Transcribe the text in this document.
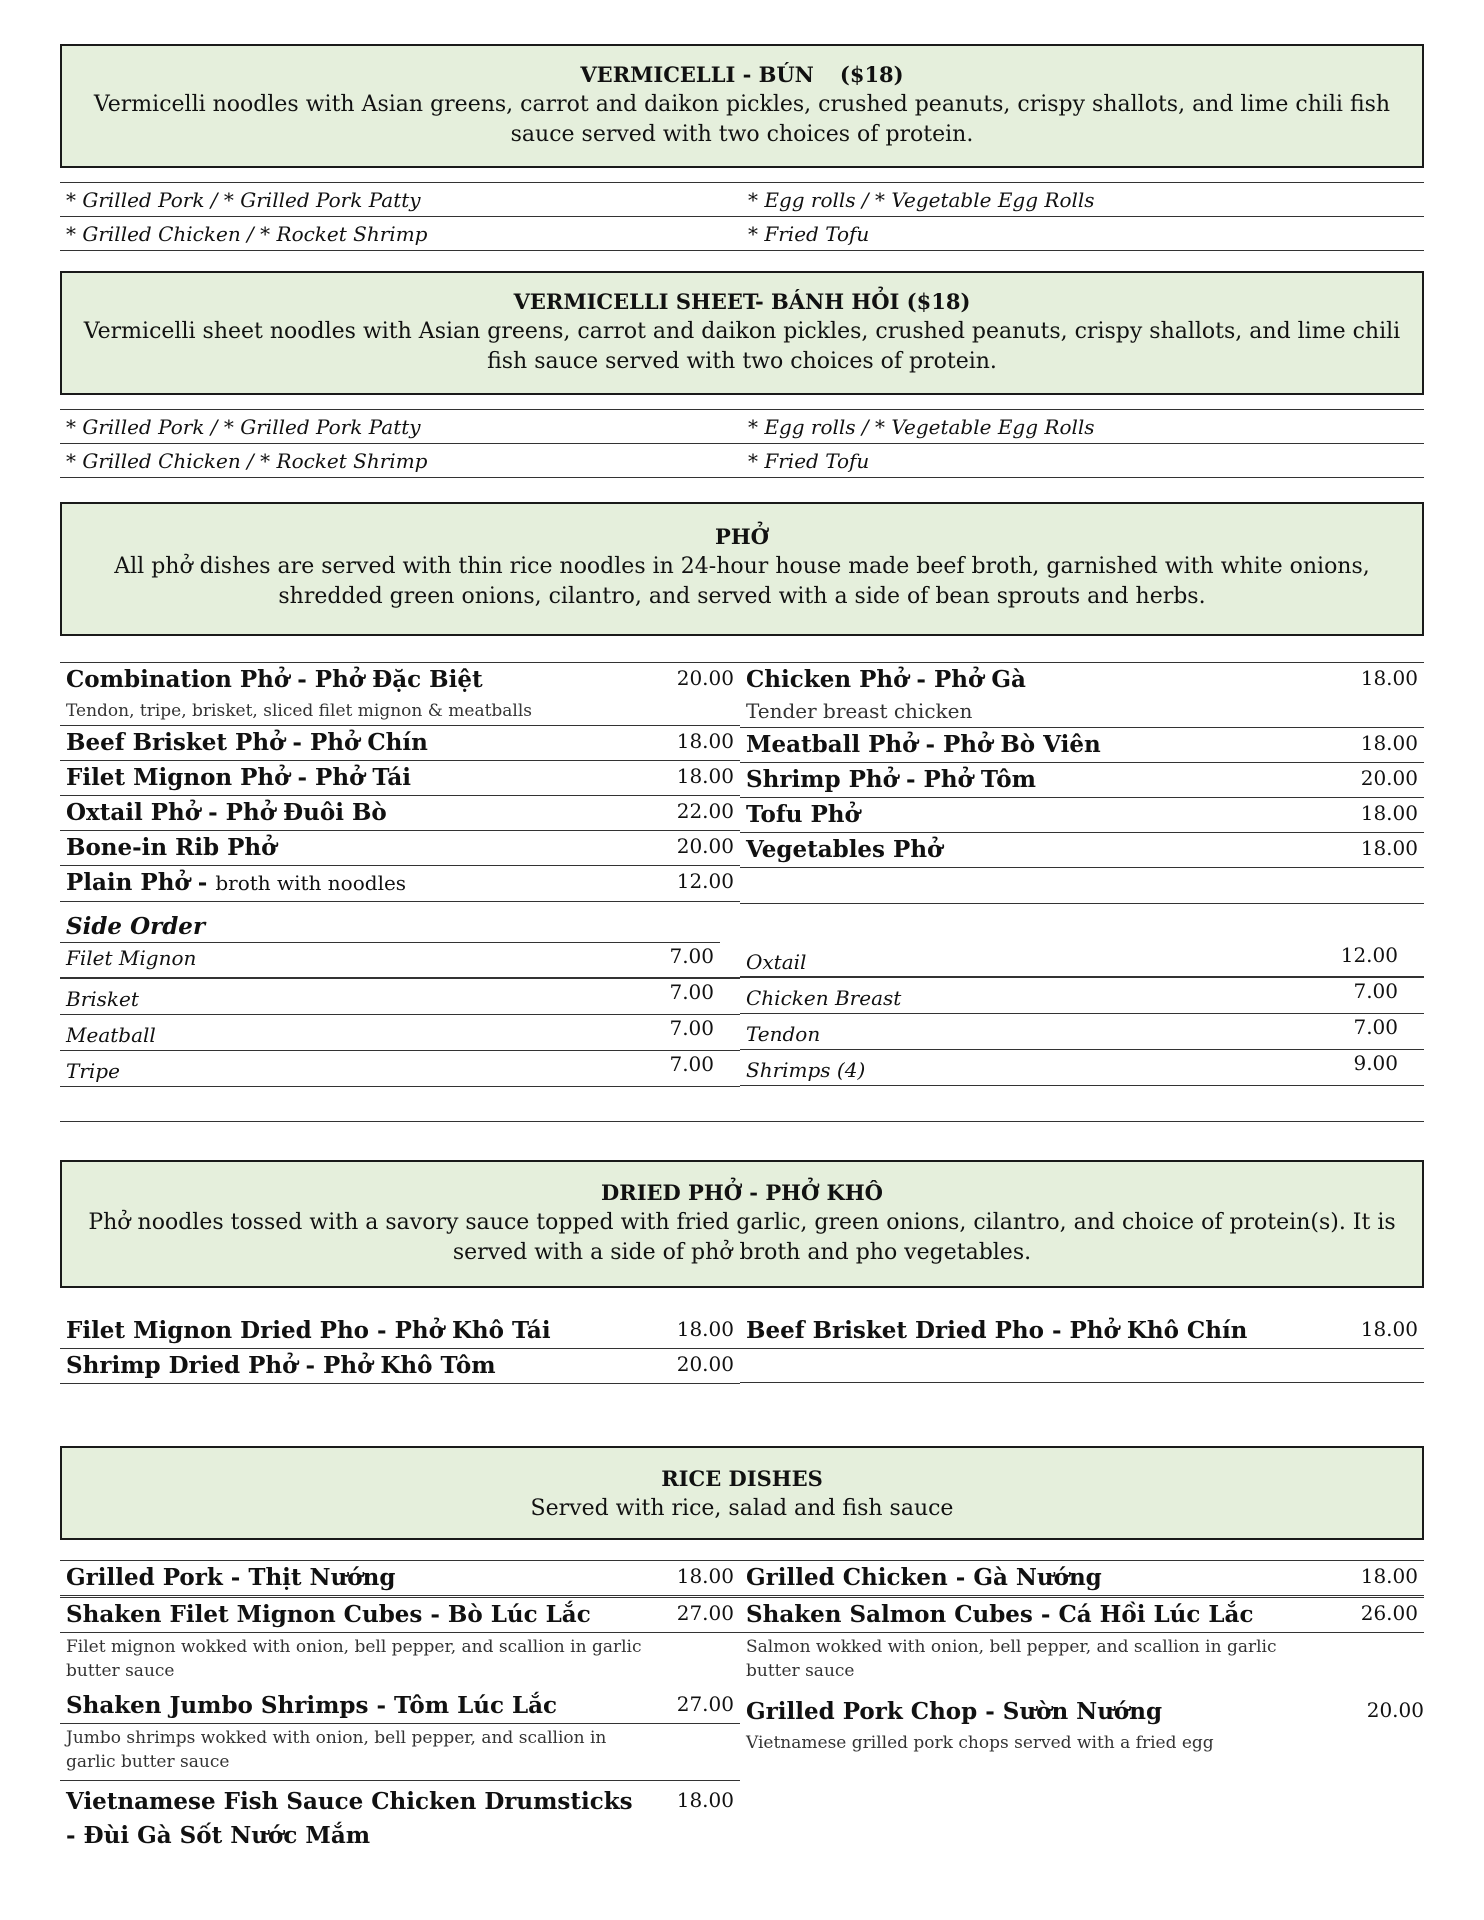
VERMICELLI - BÚN ($18)
Vermicelli noodles with Asian greens, carrot and daikon pickles, crushed peanuts, crispy shallots, and lime chili fish sauce served with two choices of protein.
* Grilled Pork / * Grilled Pork Patty
* Grilled Chicken / * Rocket Shrimp
* Egg rolls / * Vegetable Egg Rolls
* Fried Tofu
VERMICELLI SHEET- BÁNH HỎI ($18)
Vermicelli sheet noodles with Asian greens, carrot and daikon pickles, crushed peanuts, crispy shallots, and lime chili fish sauce served with two choices of protein.
* Grilled Pork / * Grilled Pork Patty
* Grilled Chicken / * Rocket Shrimp
* Egg rolls / * Vegetable Egg Rolls
* Fried Tofu
PHỞ
All phở dishes are served with thin rice noodles in 24-hour house made beef broth, garnished with white onions, shredded green onions, cilantro, and served with a side of bean sprouts and herbs.
Combination Phở - Phở Đặc Biệt	20.00
Tendon, tripe, brisket, sliced filet mignon & meatballs
Beef Brisket Phở - Phở Chín	18.00
Filet Mignon Phở - Phở Tái	18.00
Oxtail Phở - Phở Đuôi Bò	22.00
Bone-in Rib Phở	20.00
Plain Phở - broth with noodles	12.00
Chicken Phở - Phở Gà	18.00
Tender breast chicken
Meatball Phở - Phở Bò Viên	18.00
Shrimp Phở - Phở Tôm	20.00
Tofu Phở	18.00
Vegetables Phở	18.00
Side Order
Filet Mignon	7.00
Brisket	7.00
Meatball	7.00
Tripe	7.00
Oxtail	12.00
Chicken Breast	7.00
Tendon	7.00
Shrimps (4)	9.00
DRIED PHỞ - PHỞ KHÔ
Phở noodles tossed with a savory sauce topped with fried garlic, green onions, cilantro, and choice of protein(s). It is served with a side of phở broth and pho vegetables.
Filet Mignon Dried Pho - Phở Khô Tái	18.00
Shrimp Dried Phở - Phở Khô Tôm	20.00
Beef Brisket Dried Pho - Phở Khô Chín	18.00
RICE DISHES
Served with rice, salad and fish sauce
Grilled Pork - Thịt Nướng	18.00
Shaken Filet Mignon Cubes - Bò Lúc Lắc	27.00
Filet mignon wokked with onion, bell pepper, and scallion in garlic butter sauce
Shaken Jumbo Shrimps - Tôm Lúc Lắc	27.00
Jumbo shrimps wokked with onion, bell pepper, and scallion in garlic butter sauce
Vietnamese Fish Sauce Chicken Drumsticks - Đùi Gà Sốt Nước Mắm
18.00
Grilled Chicken - Gà Nướng	18.00
Shaken Salmon Cubes - Cá Hồi Lúc Lắc	26.00
Salmon wokked with onion, bell pepper, and scallion in garlic butter sauce
Grilled Pork Chop - Sườn Nướng	20.00
Vietnamese grilled pork chops served with a fried egg
